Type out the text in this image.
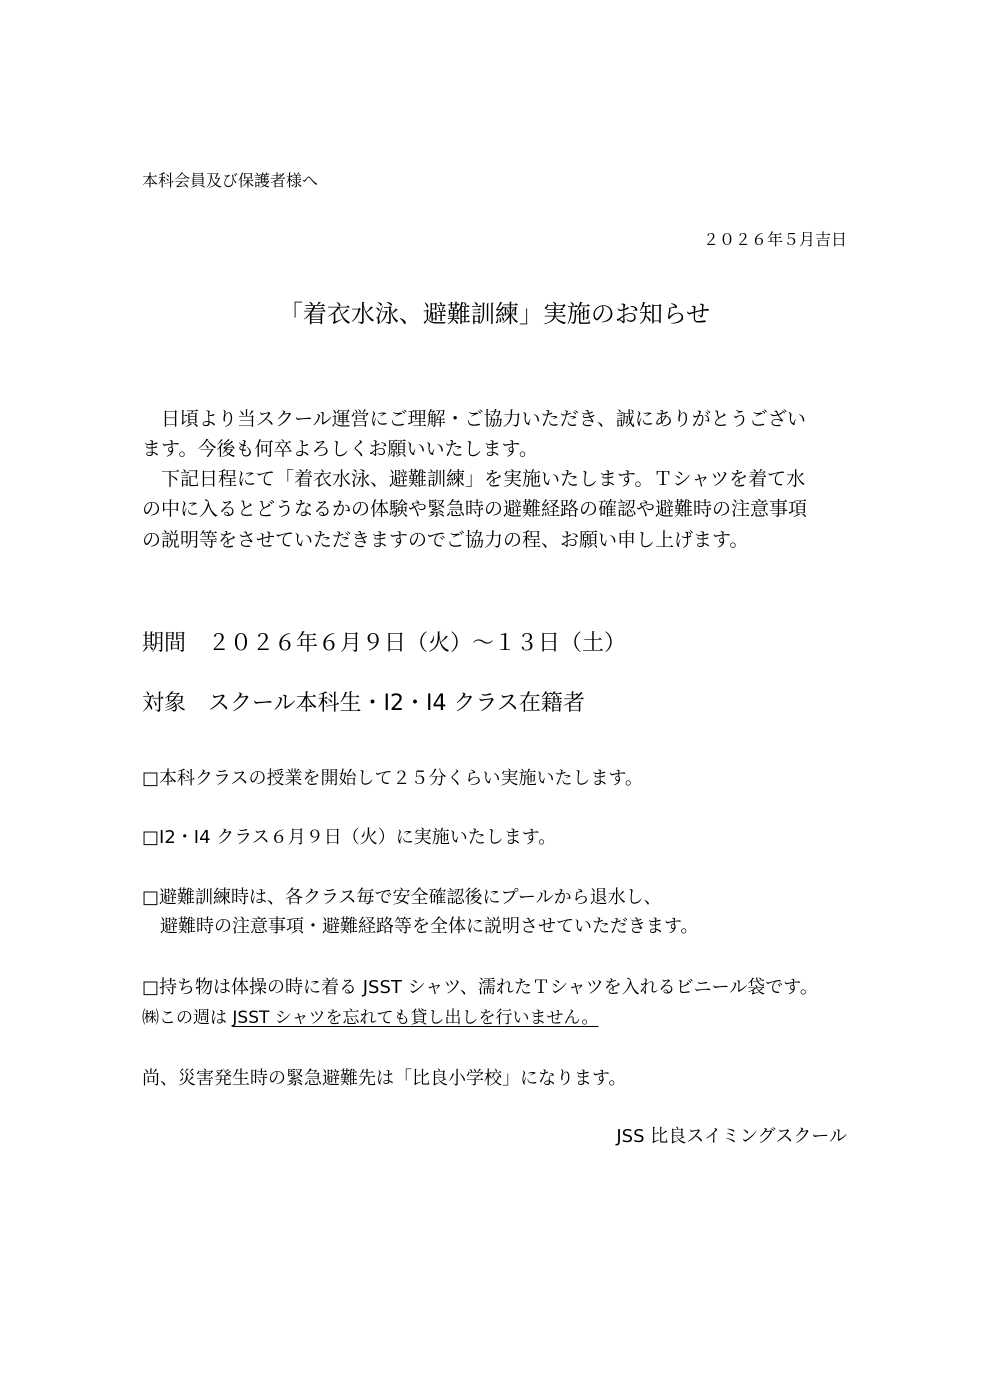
本科会員及び保護者様へ
２０２６年５月吉日
「着衣水泳、避難訓練」実施のお知らせ
　日頃より当スクール運営にご理解・ご協力いただき、誠にありがとうござい
ます。今後も何卒よろしくお願いいたします。
　下記日程にて「着衣水泳、避難訓練」を実施いたします。Ｔシャツを着て水
の中に入るとどうなるかの体験や緊急時の避難経路の確認や避難時の注意事項
の説明等をさせていただきますのでご協力の程、お願い申し上げます。
期間　２０２６年６月９日（火）～１３日（土）
対象　スクール本科生・I2・I4 クラス在籍者
□本科クラスの授業を開始して２５分くらい実施いたします。
□I2・I4 クラス６月９日（火）に実施いたします。
□避難訓練時は、各クラス毎で安全確認後にプールから退水し、
　避難時の注意事項・避難経路等を全体に説明させていただきます。
□持ち物は体操の時に着る JSST シャツ、濡れたＴシャツを入れるビニール袋です。
㈱この週は JSST シャツを忘れても貸し出しを行いません。
尚、災害発生時の緊急避難先は「比良小学校」になります。
JSS 比良スイミングスクール
